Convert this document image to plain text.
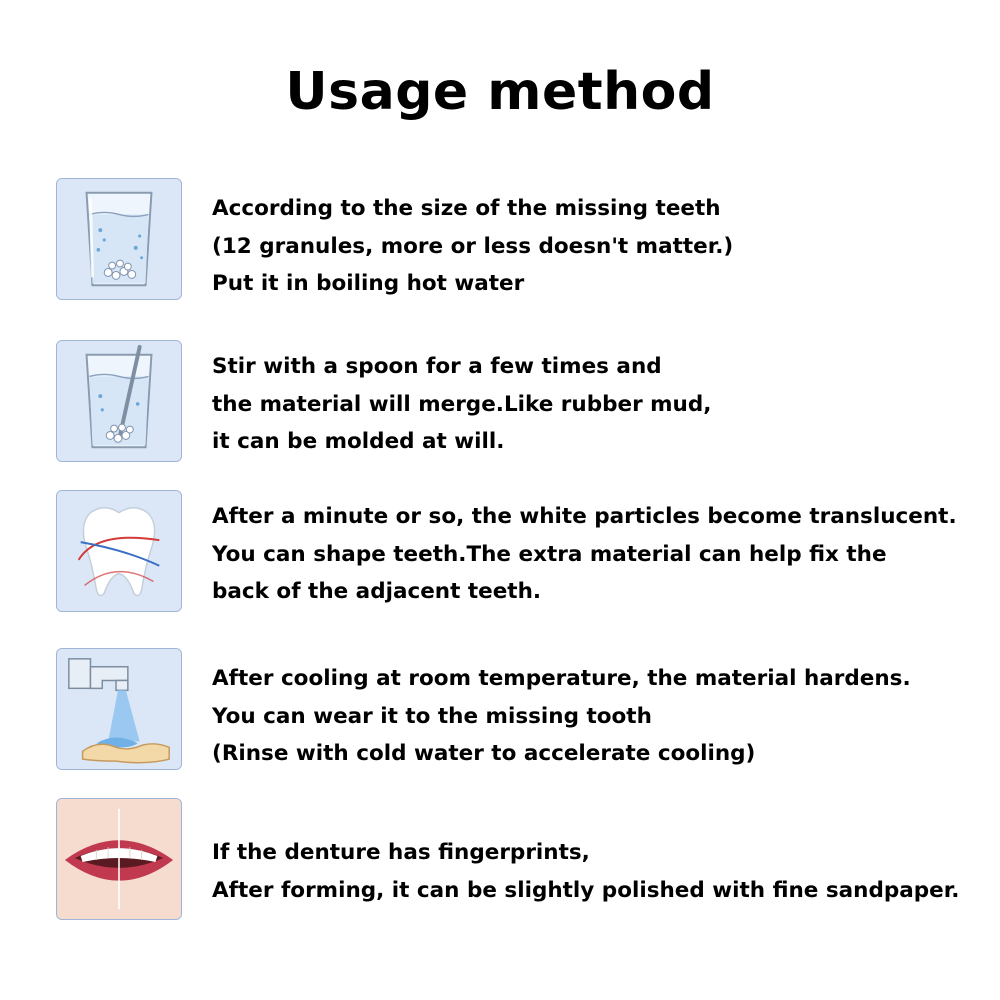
Usage method
According to the size of the missing teeth
(12 granules, more or less doesn't matter.)
Put it in boiling hot water
Stir with a spoon for a few times and
the material will merge.Like rubber mud,
it can be molded at will.
After a minute or so, the white particles become translucent.
You can shape teeth.The extra material can help fix the
back of the adjacent teeth.
After cooling at room temperature, the material hardens.
You can wear it to the missing tooth
(Rinse with cold water to accelerate cooling)
If the denture has fingerprints,
After forming, it can be slightly polished with fine sandpaper.
